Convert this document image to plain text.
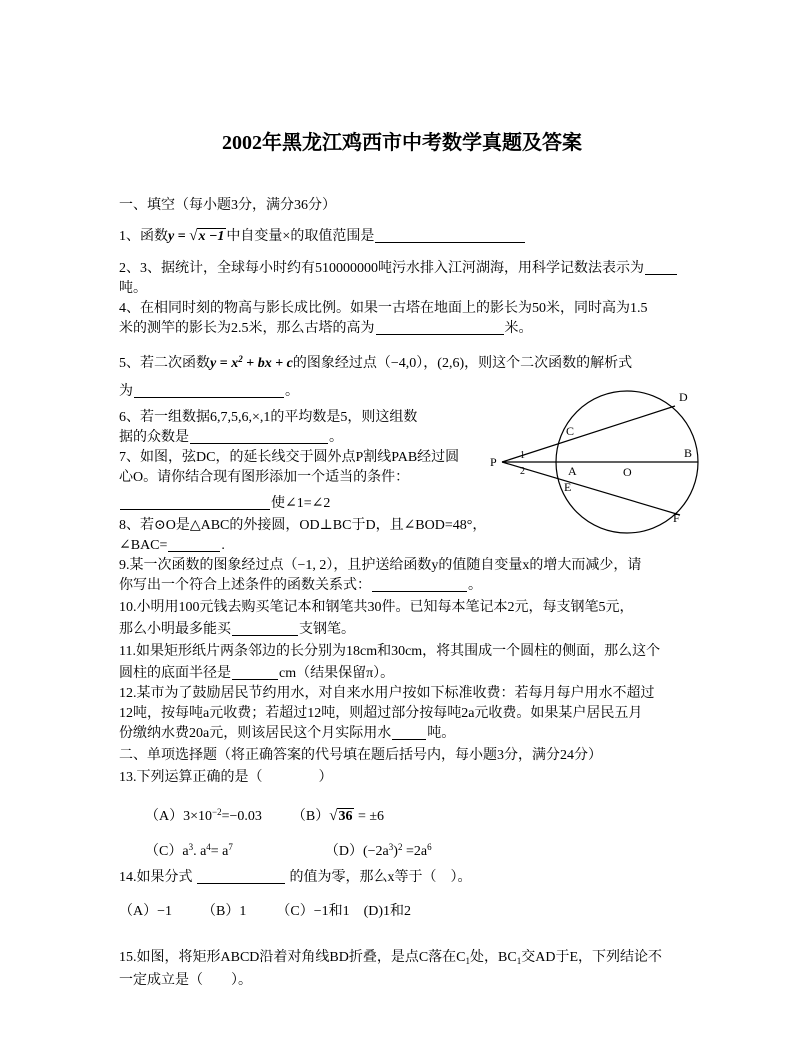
2002年黑龙江鸡西市中考数学真题及答案

一、填空（每小题3分，满分36分）

1、函数y = √x −1 中自变量×的取值范围是

2、3、据统计，全球每小时约有510000000吨污水排入江河湖海，用科学记数法表示为

吨。

4、在相同时刻的物高与影长成比例。如果一古塔在地面上的影长为50米，同时高为1.5

米的测竿的影长为2.5米，那么古塔的高为	米。

5、若二次函数$y = x^2$ + bx + c的图象经过点（−4,0），(2,6)，则这个二次函数的解析式

为	。

6、若一组数据6,7,5,6,×,1的平均数是5，则这组数

据的众数是	。

7、如图，弦DC，的延长线交于圆外点P割线PAB经过圆

心O。请你结合现有图形添加一个适当的条件：

使∠1=∠2

8、若⊙O是△ABC的外接圆，OD⊥BC于D，且∠BOD=48°，

∠BAC=	.

9.某一次函数的图象经过点（−1, 2），且护送给函数y的值随自变量x的增大而减少，请

你写出一个符合上述条件的函数关系式：	。

10.小明用100元钱去购买笔记本和钢笔共30件。已知每本笔记本2元，每支钢笔5元，

那么小明最多能买	支钢笔。

11.如果矩形纸片两条邻边的长分别为18cm和30cm，将其围成一个圆柱的侧面，那么这个

圆柱的底面半径是	cm（结果保留π）。

12.某市为了鼓励居民节约用水，对自来水用户按如下标准收费：若每月每户用水不超过

12吨，按每吨a元收费；若超过12吨，则超过部分按每吨2a元收费。如果某户居民五月

份缴纳水费20a元，则该居民这个月实际用水	吨。

二、单项选择题（将正确答案的代号填在题后括号内，每小题3分，满分24分）

13.下列运算正确的是（　　　　）

$(A)3\times 10^{-2}=-0.03$ （B）√36 = ±6

$(C)a^3$. $a^4= a^7$	$(D)(-2a^3)^2 =2a^6$

14.如果分式	的值为零，那么x等于（　）。

（A）−1 （B）1 （C）−1和1 (D)1和2

15.如图，将矩形ABCD沿着对角线BD折叠，是点C落在$C_1$处，$BC_1$交AD于E，下列结论不

一定成立是（　　）。

P
C
D
A	O
B
E
F
1
2
